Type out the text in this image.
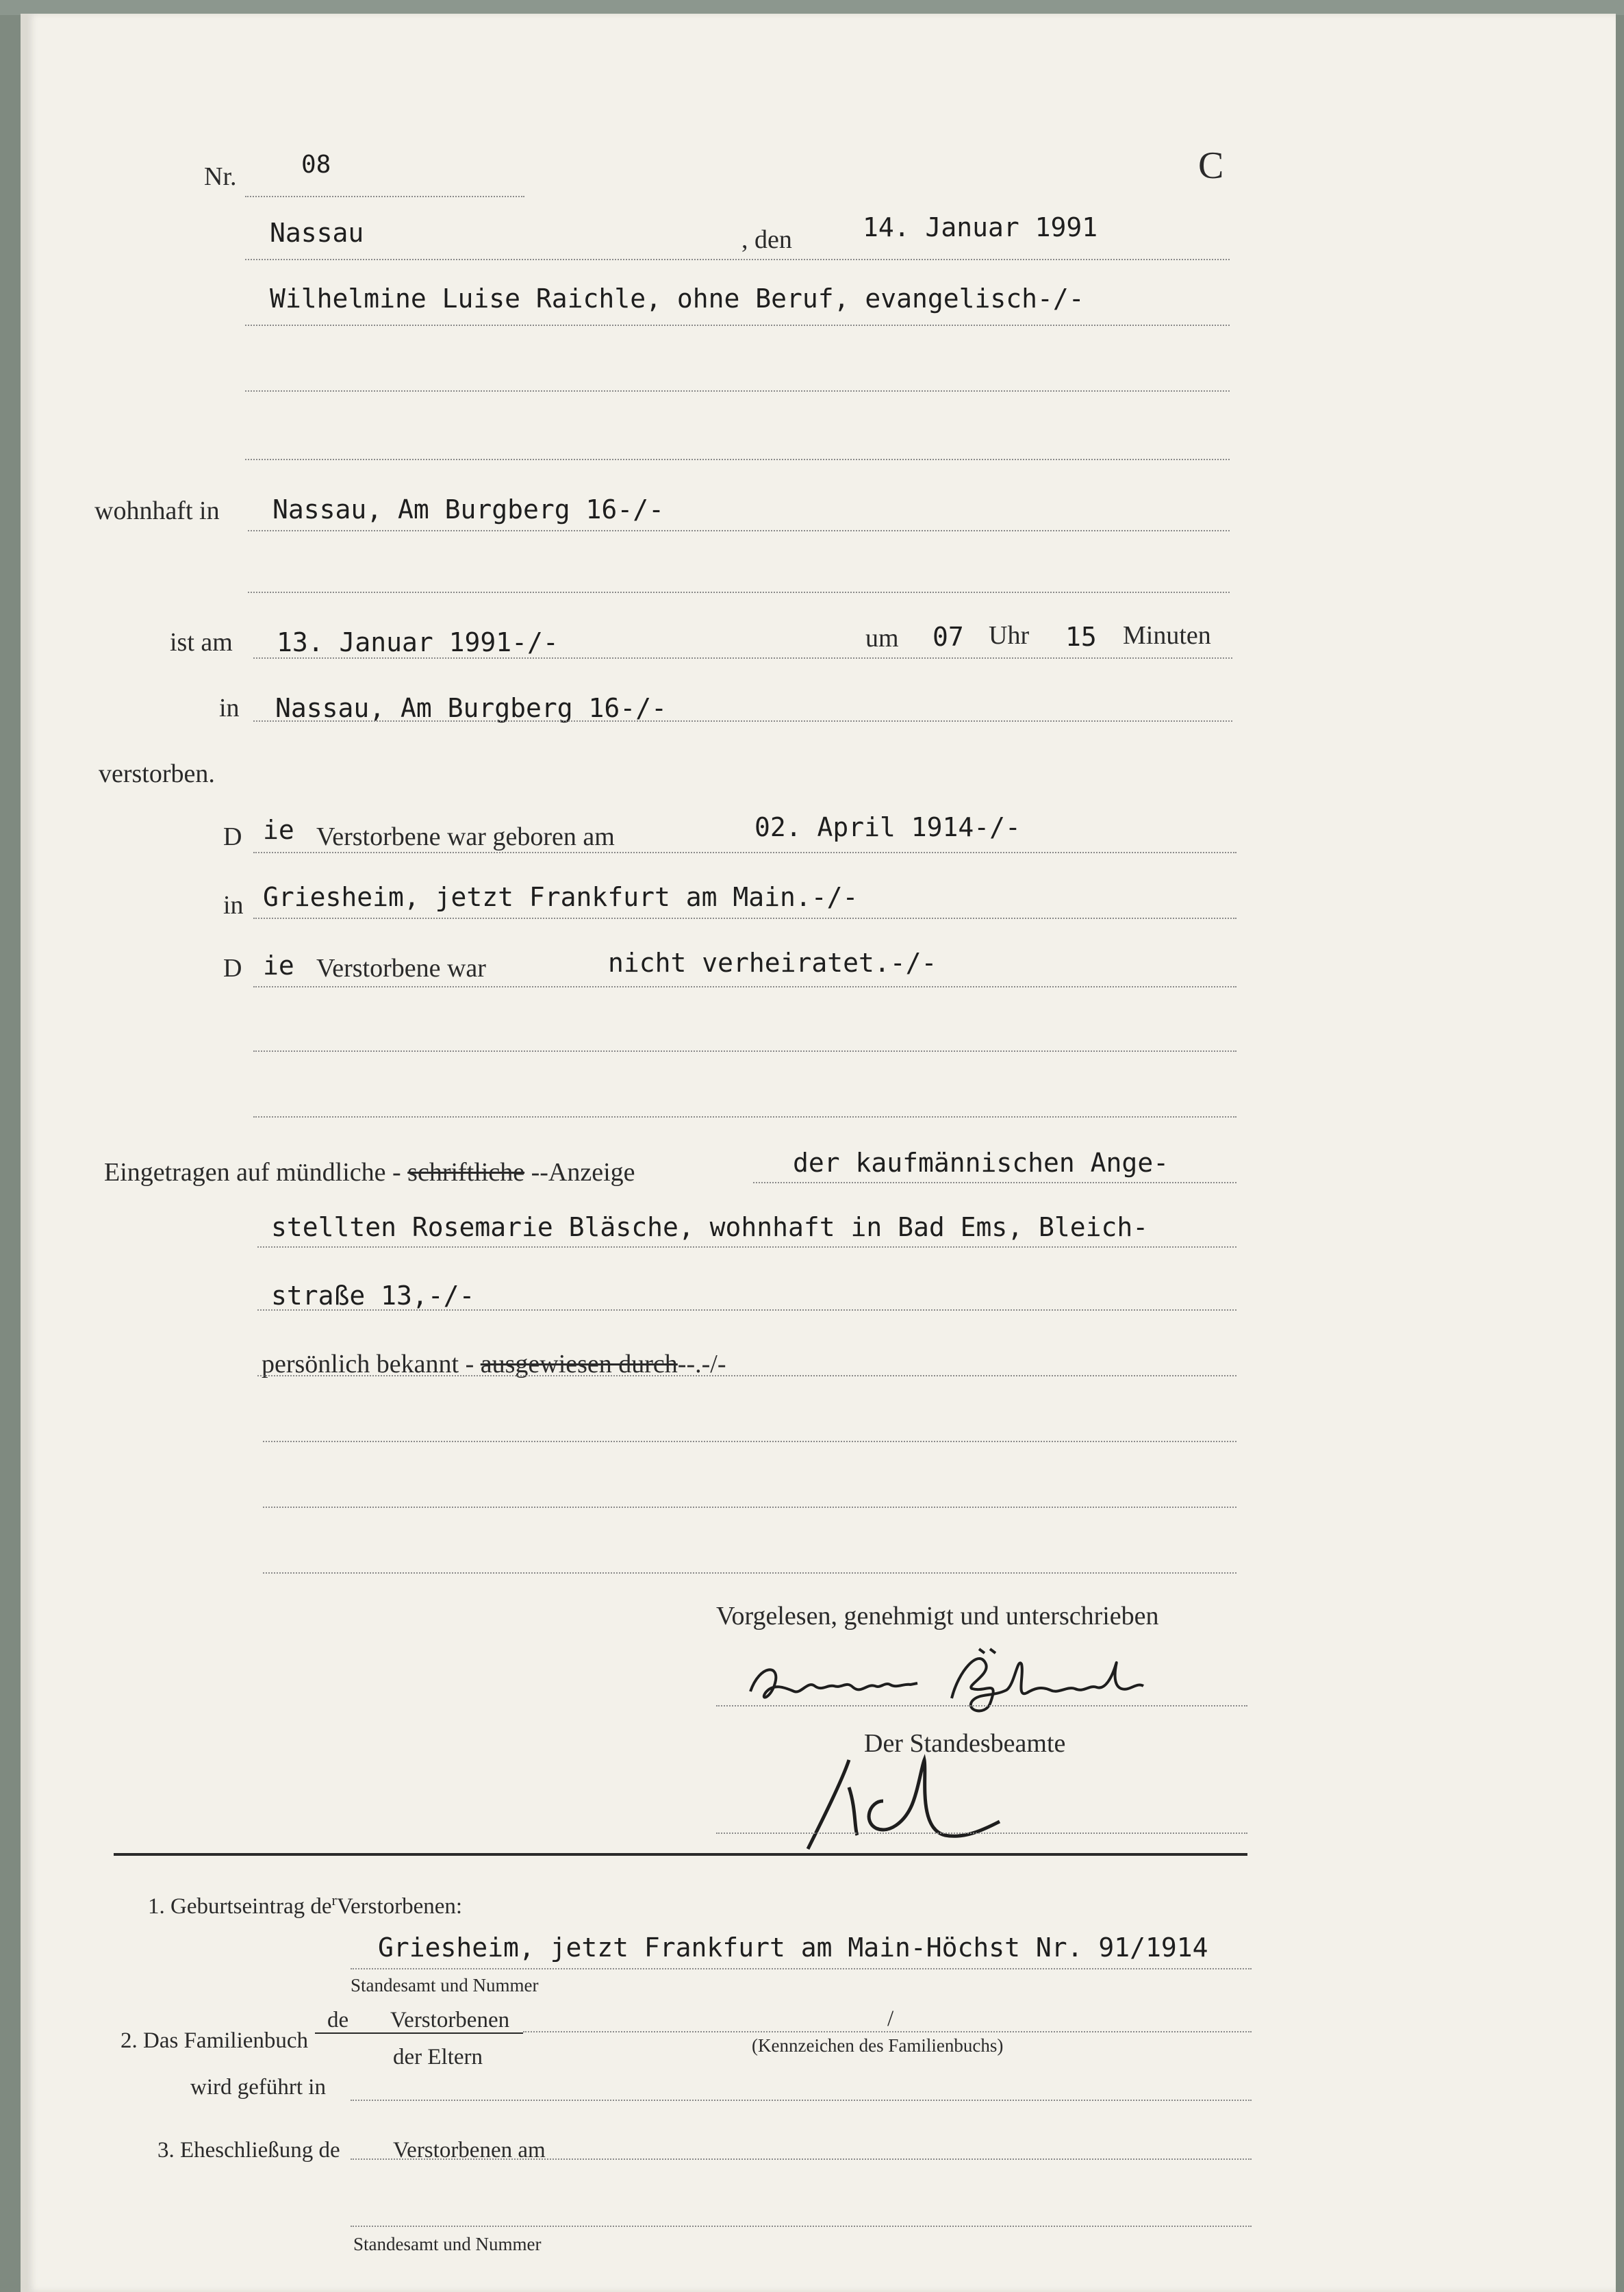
Nr.	08	C
Nassau	, den	14. Januar 1991
Wilhelmine Luise Raichle, ohne Beruf, evangelisch-/-
wohnhaft in Nassau, Am Burgberg 16-/-
ist am 13. Januar 1991-/-	um 07 Uhr 15 Minuten
in Nassau, Am Burgberg 16-/-
verstorben.
D ie Verstorbene war geboren am	02. April 1914-/-
in Griesheim, jetzt Frankfurt am Main.-/-
D ie Verstorbene war	nicht verheiratet.-/-
Eingetragen auf mündliche - schriftliche --Anzeige	der kaufmännischen Ange-
stellten Rosemarie Bläsche, wohnhaft in Bad Ems, Bleich-
straße 13,-/-
persönlich bekannt - ausgewiesen durch--.-/-
Vorgelesen, genehmigt und unterschrieben
Der Standesbeamte
1. Geburtseintrag $de^rVerstorbenen$:
Griesheim, jetzt Frankfurt am Main-Höchst Nr. 91/1914
Standesamt und Nummer
2. Das Familienbuch
de Verstorbenen
der Eltern
/
(Kennzeichen des Familienbuchs)
wird geführt in
3. Eheschließung de Verstorbenen am
Standesamt und Nummer
